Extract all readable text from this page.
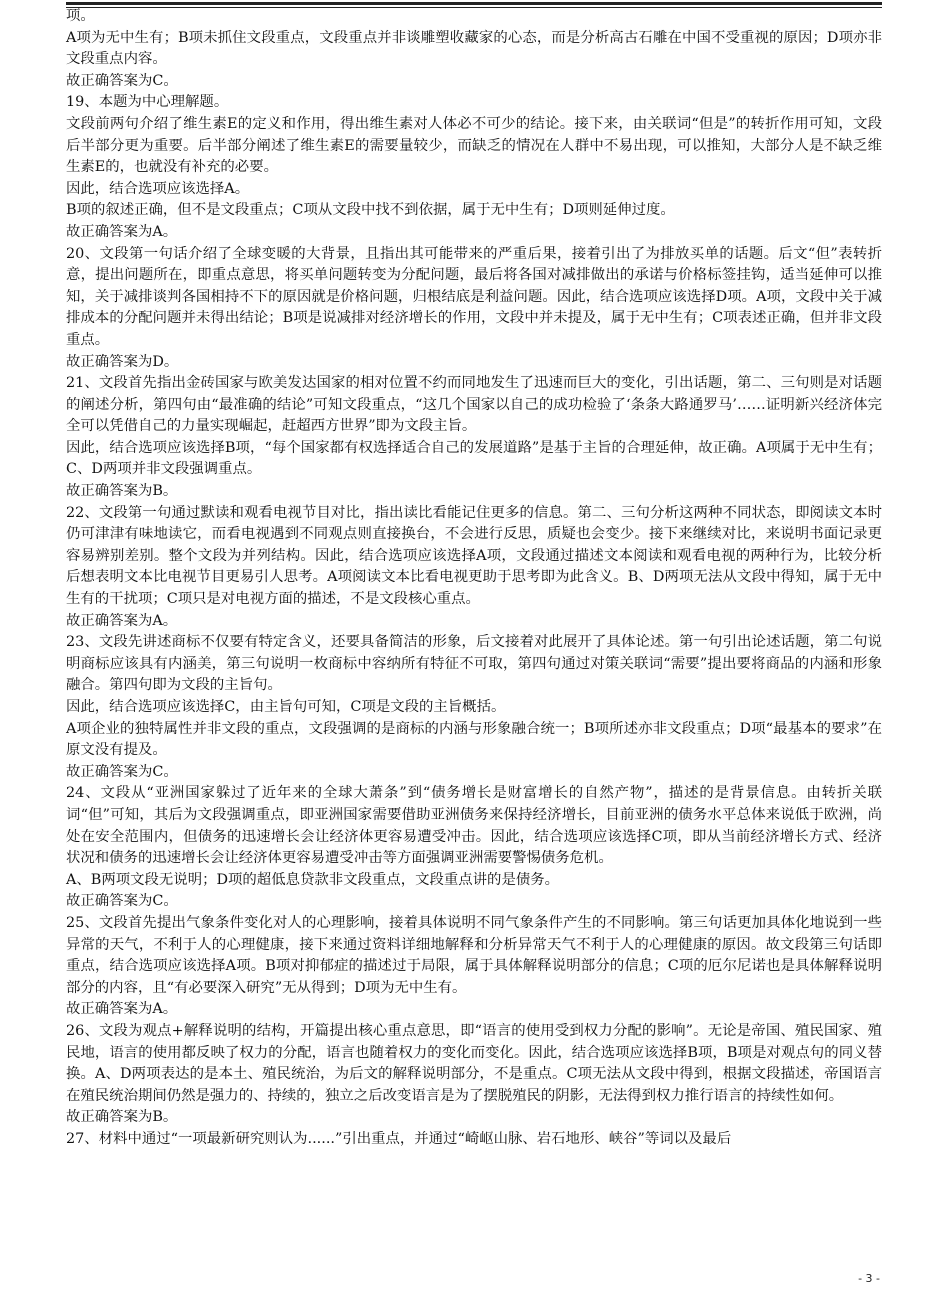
项。

A项为无中生有；B项未抓住文段重点，文段重点并非谈雕塑收藏家的心态，而是分析高古石雕在中国不受重视的原因；D项亦非文段重点内容。

故正确答案为C。

19、本题为中心理解题。

文段前两句介绍了维生素E的定义和作用，得出维生素对人体必不可少的结论。接下来，由关联词“但是”的转折作用可知，文段后半部分更为重要。后半部分阐述了维生素E的需要量较少，而缺乏的情况在人群中不易出现，可以推知，大部分人是不缺乏维生素E的，也就没有补充的必要。

因此，结合选项应该选择A。

B项的叙述正确，但不是文段重点；C项从文段中找不到依据，属于无中生有；D项则延伸过度。

故正确答案为A。

20、文段第一句话介绍了全球变暖的大背景，且指出其可能带来的严重后果，接着引出了为排放买单的话题。后文“但”表转折意，提出问题所在，即重点意思，将买单问题转变为分配问题，最后将各国对减排做出的承诺与价格标签挂钩，适当延伸可以推知，关于减排谈判各国相持不下的原因就是价格问题，归根结底是利益问题。因此，结合选项应该选择D项。A项，文段中关于减排成本的分配问题并未得出结论；B项是说减排对经济增长的作用，文段中并未提及，属于无中生有；C项表述正确，但并非文段重点。

故正确答案为D。

21、文段首先指出金砖国家与欧美发达国家的相对位置不约而同地发生了迅速而巨大的变化，引出话题，第二、三句则是对话题的阐述分析，第四句由“最准确的结论”可知文段重点，“这几个国家以自己的成功检验了‘条条大路通罗马’……证明新兴经济体完全可以凭借自己的力量实现崛起，赶超西方世界”即为文段主旨。

因此，结合选项应该选择B项，“每个国家都有权选择适合自己的发展道路”是基于主旨的合理延伸，故正确。A项属于无中生有；C、D两项并非文段强调重点。

故正确答案为B。

22、文段第一句通过默读和观看电视节目对比，指出读比看能记住更多的信息。第二、三句分析这两种不同状态，即阅读文本时仍可津津有味地读它，而看电视遇到不同观点则直接换台，不会进行反思，质疑也会变少。接下来继续对比，来说明书面记录更容易辨别差别。整个文段为并列结构。因此，结合选项应该选择A项，文段通过描述文本阅读和观看电视的两种行为，比较分析后想表明文本比电视节目更易引人思考。A项阅读文本比看电视更助于思考即为此含义。B、D两项无法从文段中得知，属于无中生有的干扰项；C项只是对电视方面的描述，不是文段核心重点。

故正确答案为A。

23、文段先讲述商标不仅要有特定含义，还要具备简洁的形象，后文接着对此展开了具体论述。第一句引出论述话题，第二句说明商标应该具有内涵美，第三句说明一枚商标中容纳所有特征不可取，第四句通过对策关联词“需要”提出要将商品的内涵和形象融合。第四句即为文段的主旨句。

因此，结合选项应该选择C，由主旨句可知，C项是文段的主旨概括。

A项企业的独特属性并非文段的重点，文段强调的是商标的内涵与形象融合统一；B项所述亦非文段重点；D项“最基本的要求”在原文没有提及。

故正确答案为C。

24、文段从“亚洲国家躲过了近年来的全球大萧条”到“债务增长是财富增长的自然产物”，描述的是背景信息。由转折关联词“但”可知，其后为文段强调重点，即亚洲国家需要借助亚洲债务来保持经济增长，目前亚洲的债务水平总体来说低于欧洲，尚处在安全范围内，但债务的迅速增长会让经济体更容易遭受冲击。因此，结合选项应该选择C项，即从当前经济增长方式、经济状况和债务的迅速增长会让经济体更容易遭受冲击等方面强调亚洲需要警惕债务危机。

A、B两项文段无说明；D项的超低息贷款非文段重点，文段重点讲的是债务。

故正确答案为C。

25、文段首先提出气象条件变化对人的心理影响，接着具体说明不同气象条件产生的不同影响。第三句话更加具体化地说到一些异常的天气，不利于人的心理健康，接下来通过资料详细地解释和分析异常天气不利于人的心理健康的原因。故文段第三句话即重点，结合选项应该选择A项。B项对抑郁症的描述过于局限，属于具体解释说明部分的信息；C项的厄尔尼诺也是具体解释说明部分的内容，且“有必要深入研究”无从得到；D项为无中生有。

故正确答案为A。

26、文段为观点+解释说明的结构，开篇提出核心重点意思，即“语言的使用受到权力分配的影响”。无论是帝国、殖民国家、殖民地，语言的使用都反映了权力的分配，语言也随着权力的变化而变化。因此，结合选项应该选择B项，B项是对观点句的同义替换。A、D两项表达的是本土、殖民统治，为后文的解释说明部分，不是重点。C项无法从文段中得到，根据文段描述，帝国语言在殖民统治期间仍然是强力的、持续的，独立之后改变语言是为了摆脱殖民的阴影，无法得到权力推行语言的持续性如何。

故正确答案为B。

27、材料中通过“一项最新研究则认为......”引出重点，并通过“崎岖山脉、岩石地形、峡谷”等词以及最后

- 3 -
